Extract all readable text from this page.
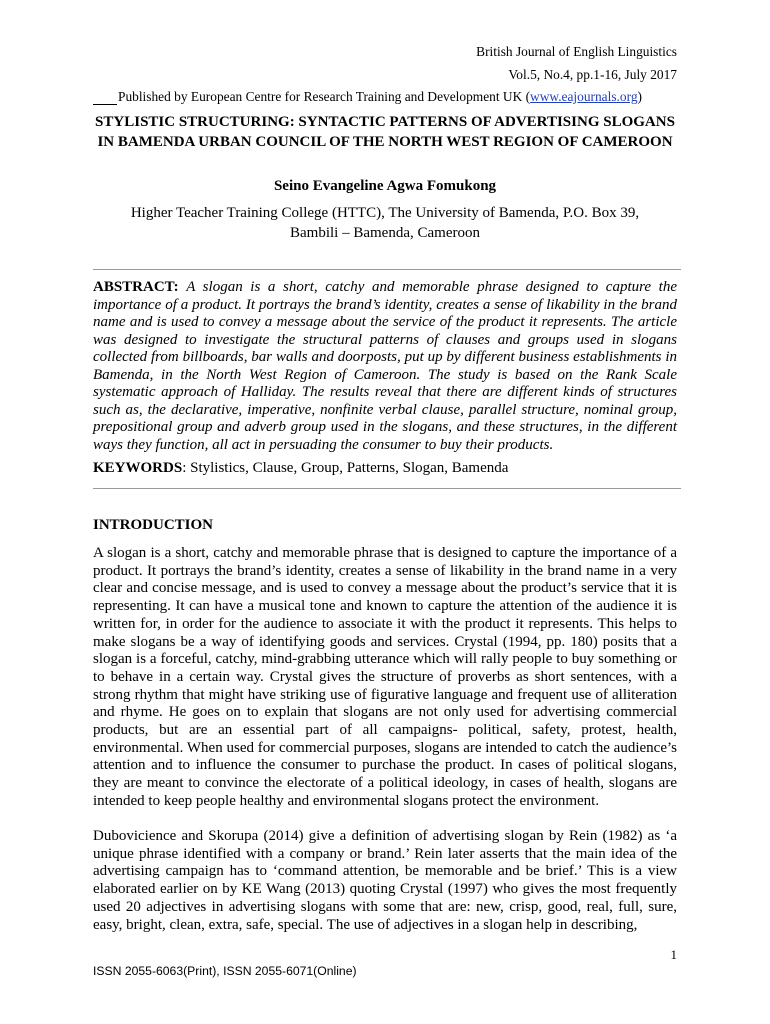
British Journal of English Linguistics
Vol.5, No.4, pp.1-16, July 2017
Published by European Centre for Research Training and Development UK (www.eajournals.org)
STYLISTIC STRUCTURING: SYNTACTIC PATTERNS OF ADVERTISING SLOGANS IN BAMENDA URBAN COUNCIL OF THE NORTH WEST REGION OF CAMEROON
Seino Evangeline Agwa Fomukong
Higher Teacher Training College (HTTC), The University of Bamenda, P.O. Box 39,
Bambili – Bamenda, Cameroon
ABSTRACT: A slogan is a short, catchy and memorable phrase designed to capture the importance of a product. It portrays the brand’s identity, creates a sense of likability in the brand name and is used to convey a message about the service of the product it represents. The article was designed to investigate the structural patterns of clauses and groups used in slogans collected from billboards, bar walls and doorposts, put up by different business establishments in Bamenda, in the North West Region of Cameroon. The study is based on the Rank Scale systematic approach of Halliday. The results reveal that there are different kinds of structures such as, the declarative, imperative, nonfinite verbal clause, parallel structure, nominal group, prepositional group and adverb group used in the slogans, and these structures, in the different ways they function, all act in persuading the consumer to buy their products.
KEYWORDS: Stylistics, Clause, Group, Patterns, Slogan, Bamenda
INTRODUCTION
A slogan is a short, catchy and memorable phrase that is designed to capture the importance of a product. It portrays the brand’s identity, creates a sense of likability in the brand name in a very clear and concise message, and is used to convey a message about the product’s service that it is representing. It can have a musical tone and known to capture the attention of the audience it is written for, in order for the audience to associate it with the product it represents. This helps to make slogans be a way of identifying goods and services. Crystal (1994, pp. 180) posits that a slogan is a forceful, catchy, mind-grabbing utterance which will rally people to buy something or to behave in a certain way. Crystal gives the structure of proverbs as short sentences, with a strong rhythm that might have striking use of figurative language and frequent use of alliteration and rhyme. He goes on to explain that slogans are not only used for advertising commercial products, but are an essential part of all campaigns- political, safety, protest, health, environmental. When used for commercial purposes, slogans are intended to catch the audience’s attention and to influence the consumer to purchase the product. In cases of political slogans, they are meant to convince the electorate of a political ideology, in cases of health, slogans are intended to keep people healthy and environmental slogans protect the environment.
Dubovicience and Skorupa (2014) give a definition of advertising slogan by Rein (1982) as ‘a unique phrase identified with a company or brand.’ Rein later asserts that the main idea of the advertising campaign has to ‘command attention, be memorable and be brief.’ This is a view elaborated earlier on by KE Wang (2013) quoting Crystal (1997) who gives the most frequently used 20 adjectives in advertising slogans with some that are: new, crisp, good, real, full, sure, easy, bright, clean, extra, safe, special. The use of adjectives in a slogan help in describing,
1
ISSN 2055-6063(Print), ISSN 2055-6071(Online)
